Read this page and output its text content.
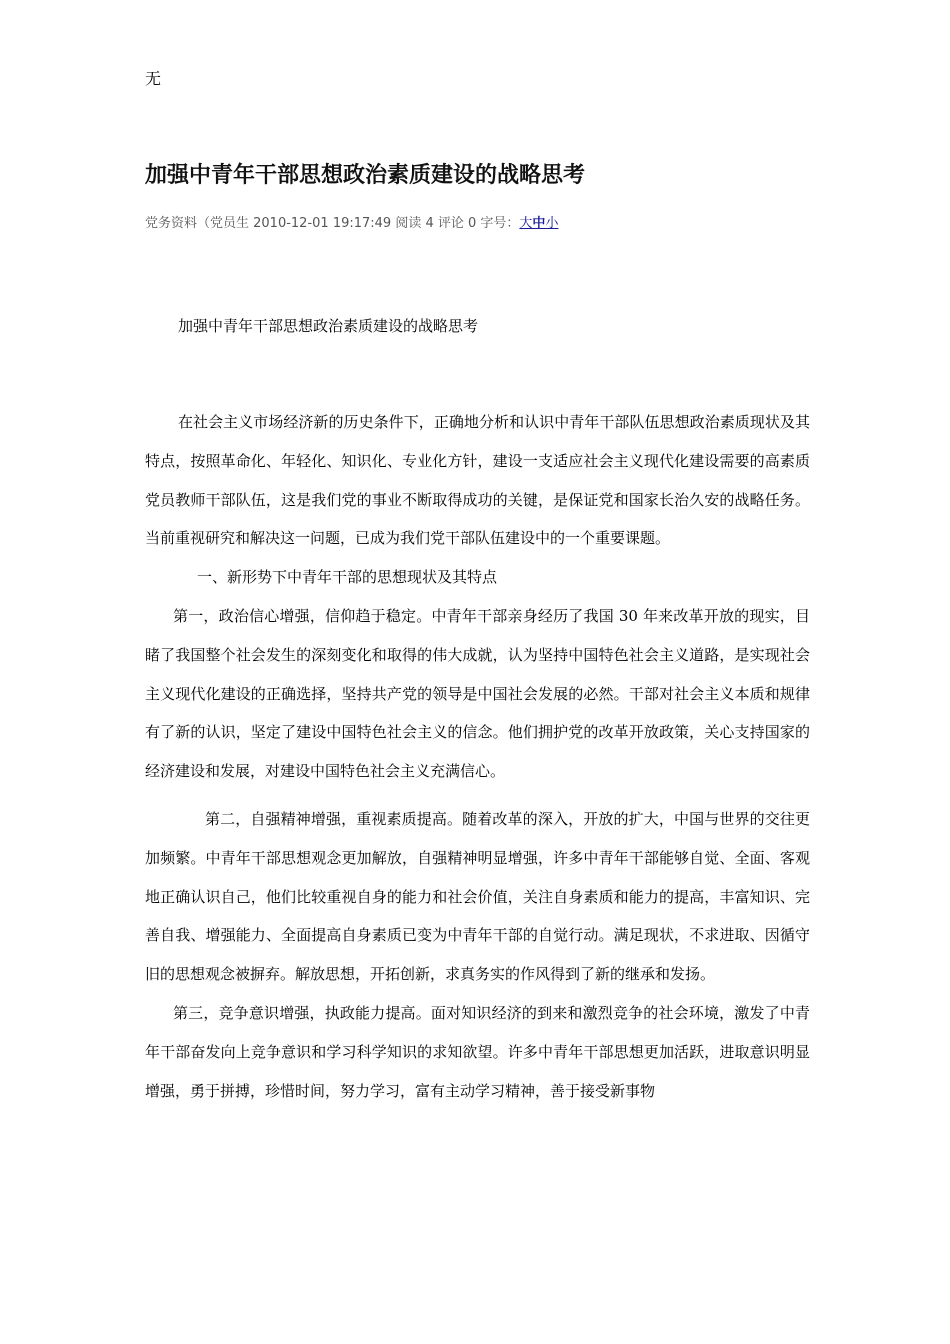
无
加强中青年干部思想政治素质建设的战略思考
党务资料（党员生 2010-12-01 19:17:49 阅读 4 评论 0 字号：大中小
加强中青年干部思想政治素质建设的战略思考

在社会主义市场经济新的历史条件下，正确地分析和认识中青年干部队伍思想政治素质现状及其特点，按照革命化、年轻化、知识化、专业化方针，建设一支适应社会主义现代化建设需要的高素质党员教师干部队伍，这是我们党的事业不断取得成功的关键，是保证党和国家长治久安的战略任务。当前重视研究和解决这一问题，已成为我们党干部队伍建设中的一个重要课题。

一、新形势下中青年干部的思想现状及其特点

第一，政治信心增强，信仰趋于稳定。中青年干部亲身经历了我国 30 年来改革开放的现实，目睹了我国整个社会发生的深刻变化和取得的伟大成就，认为坚持中国特色社会主义道路，是实现社会主义现代化建设的正确选择，坚持共产党的领导是中国社会发展的必然。干部对社会主义本质和规律有了新的认识，坚定了建设中国特色社会主义的信念。他们拥护党的改革开放政策，关心支持国家的经济建设和发展，对建设中国特色社会主义充满信心。

第二，自强精神增强，重视素质提高。随着改革的深入，开放的扩大，中国与世界的交往更加频繁。中青年干部思想观念更加解放，自强精神明显增强，许多中青年干部能够自觉、全面、客观地正确认识自己，他们比较重视自身的能力和社会价值，关注自身素质和能力的提高，丰富知识、完善自我、增强能力、全面提高自身素质已变为中青年干部的自觉行动。满足现状，不求进取、因循守旧的思想观念被摒弃。解放思想，开拓创新，求真务实的作风得到了新的继承和发扬。

第三，竞争意识增强，执政能力提高。面对知识经济的到来和激烈竞争的社会环境，激发了中青年干部奋发向上竞争意识和学习科学知识的求知欲望。许多中青年干部思想更加活跃，进取意识明显增强，勇于拼搏，珍惜时间，努力学习，富有主动学习精神，善于接受新事物
